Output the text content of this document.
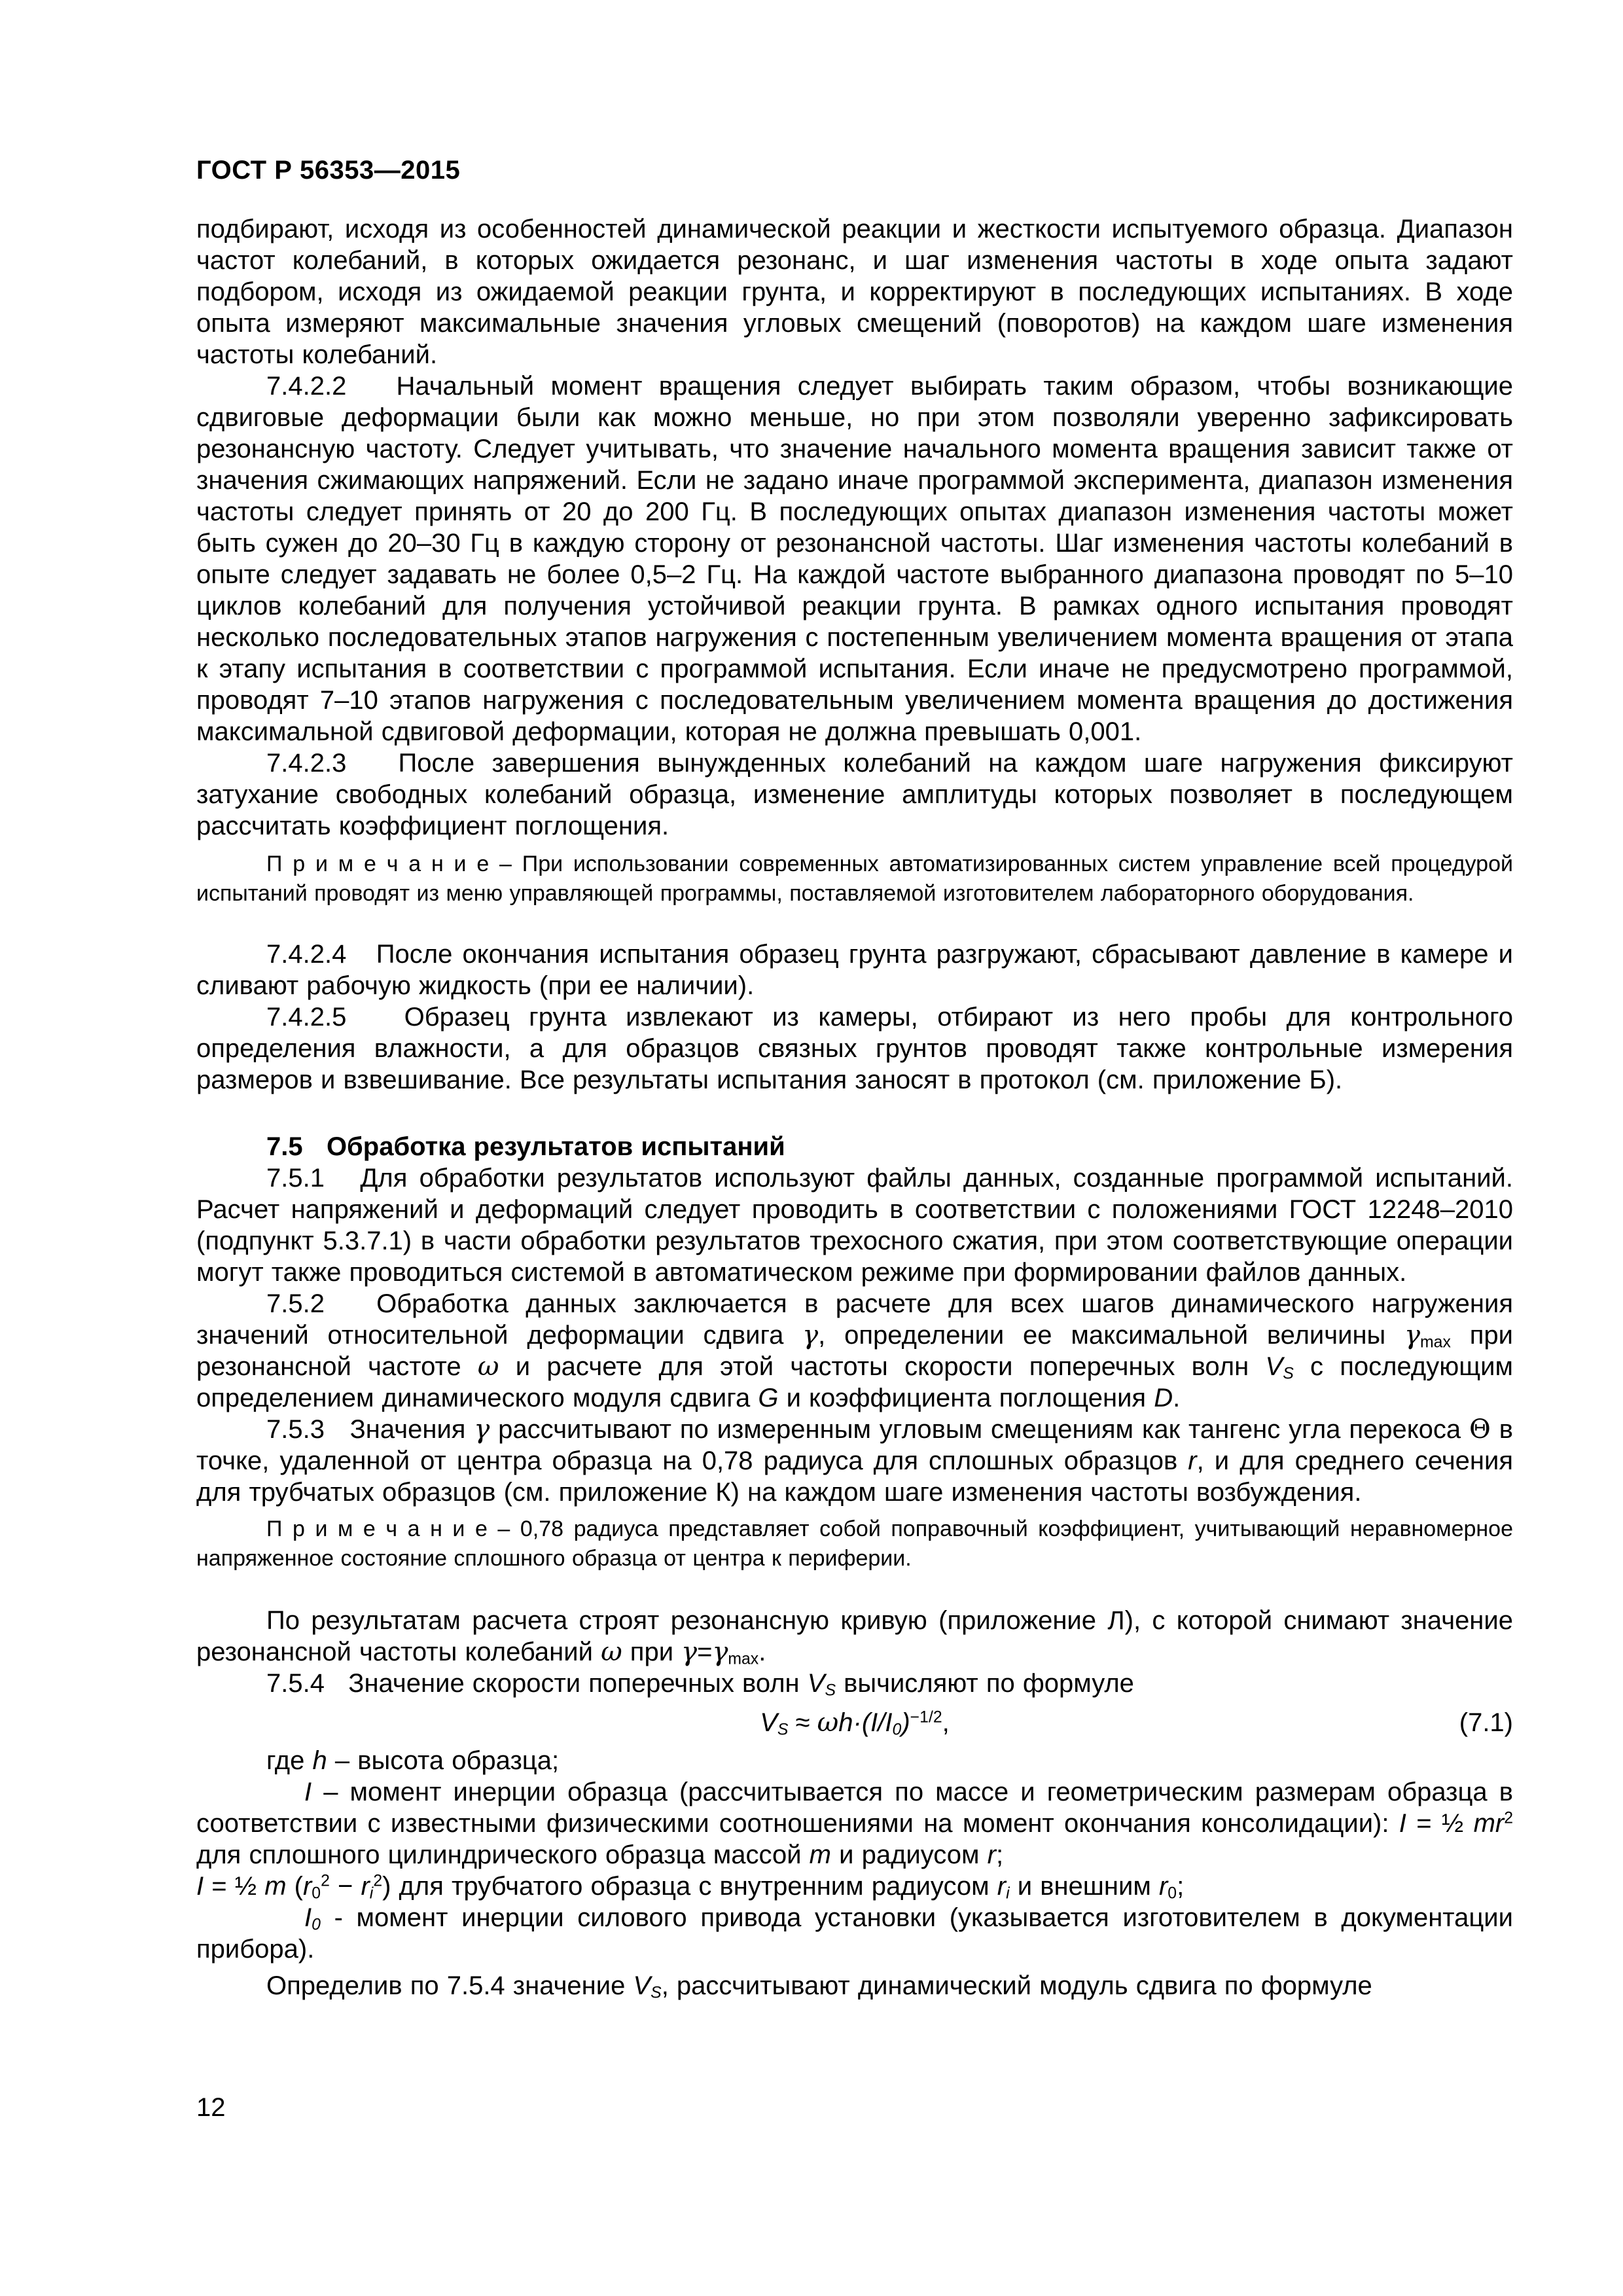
ГОСТ Р 56353—2015

подбирают, исходя из особенностей динамической реакции и жесткости испытуемого образца. Диапазон частот колебаний, в которых ожидается резонанс, и шаг изменения частоты в ходе опыта задают подбором, исходя из ожидаемой реакции грунта, и корректируют в последующих испытаниях. В ходе опыта измеряют максимальные значения угловых смещений (поворотов) на каждом шаге изменения частоты колебаний.

7.4.2.2   Начальный момент вращения следует выбирать таким образом, чтобы возникающие сдвиговые деформации были как можно меньше, но при этом позволяли уверенно зафиксировать резонансную частоту. Следует учитывать, что значение начального момента вращения зависит также от значения сжимающих напряжений. Если не задано иначе программой эксперимента, диапазон изменения частоты следует принять от 20 до 200 Гц. В последующих опытах диапазон изменения частоты может быть сужен до 20–30 Гц в каждую сторону от резонансной частоты. Шаг изменения частоты колебаний в опыте следует задавать не более 0,5–2 Гц. На каждой частоте выбранного диапазона проводят по 5–10 циклов колебаний для получения устойчивой реакции грунта. В рамках одного испытания проводят несколько последовательных этапов нагружения с постепенным увеличением момента вращения от этапа к этапу испытания в соответствии с программой испытания. Если иначе не предусмотрено программой, проводят 7–10 этапов нагружения с последовательным увеличением момента вращения до достижения максимальной сдвиговой деформации, которая не должна превышать 0,001.

7.4.2.3   После завершения вынужденных колебаний на каждом шаге нагружения фиксируют затухание свободных колебаний образца, изменение амплитуды которых позволяет в последующем рассчитать коэффициент поглощения.

П р и м е ч а н и е – При использовании современных автоматизированных систем управление всей процедурой испытаний проводят из меню управляющей программы, поставляемой изготовителем лабораторного оборудования.

7.4.2.4   После окончания испытания образец грунта разгружают, сбрасывают давление в камере и сливают рабочую жидкость (при ее наличии).

7.4.2.5   Образец грунта извлекают из камеры, отбирают из него пробы для контрольного определения влажности, а для образцов связных грунтов проводят также контрольные измерения размеров и взвешивание. Все результаты испытания заносят в протокол (см. приложение Б).

7.5   Обработка результатов испытаний

7.5.1   Для обработки результатов используют файлы данных, созданные программой испытаний. Расчет напряжений и деформаций следует проводить в соответствии с положениями ГОСТ 12248–2010 (подпункт 5.3.7.1) в части обработки результатов трехосного сжатия, при этом соответствующие операции могут также проводиться системой в автоматическом режиме при формировании файлов данных.

7.5.2   Обработка данных заключается в расчете для всех шагов динамического нагружения значений относительной деформации сдвига γ, определении ее максимальной величины γmax при резонансной частоте ω и расчете для этой частоты скорости поперечных волн VS с последующим определением динамического модуля сдвига G и коэффициента поглощения D.

7.5.3   Значения γ рассчитывают по измеренным угловым смещениям как тангенс угла перекоса Θ в точке, удаленной от центра образца на 0,78 радиуса для сплошных образцов r, и для среднего сечения для трубчатых образцов (см. приложение К) на каждом шаге изменения частоты возбуждения.

П р и м е ч а н и е – 0,78 радиуса представляет собой поправочный коэффициент, учитывающий неравномерное напряженное состояние сплошного образца от центра к периферии.

По результатам расчета строят резонансную кривую (приложение Л), с которой снимают значение резонансной частоты колебаний ω при γ=γmax.

7.5.4   Значение скорости поперечных волн VS вычисляют по формуле

VS ≈ $\omega h\cdot(I/I0)^{-1/2}$,	(7.1)

где h – высота образца;

I – момент инерции образца (рассчитывается по массе и геометрическим размерам образца в соответствии с известными физическими соотношениями на момент окончания консолидации): I = ½ $mr^2$ для сплошного цилиндрического образца массой m и радиусом r;

I = ½ m $(r0^2 - ri^2)$ для трубчатого образца с внутренним радиусом ri и внешним r0;

I0 - момент инерции силового привода установки (указывается изготовителем в документации прибора).

Определив по 7.5.4 значение VS, рассчитывают динамический модуль сдвига по формуле

12
